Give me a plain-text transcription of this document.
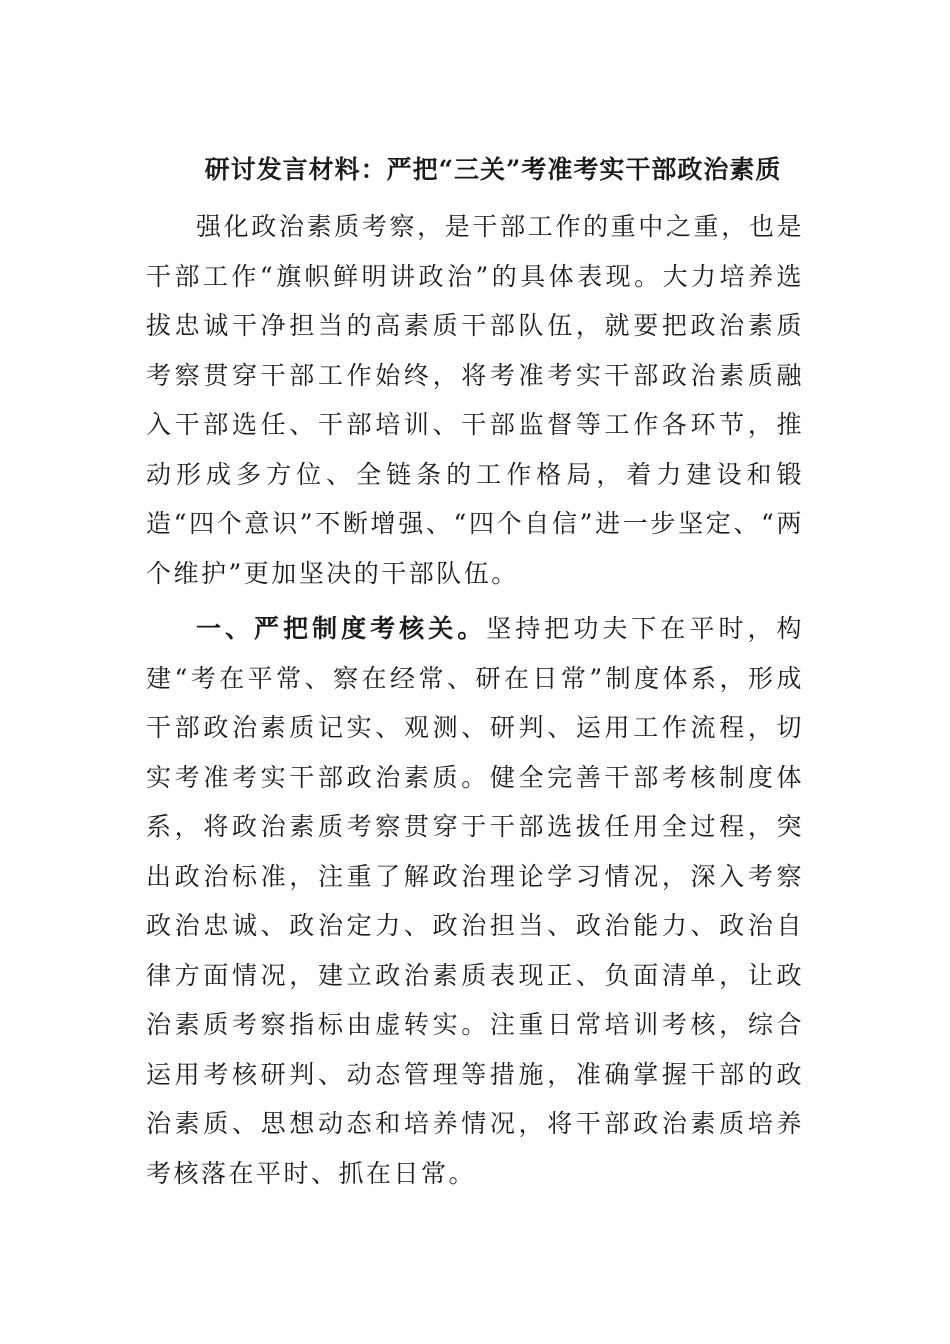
研讨发言材料：严把“三关”考准考实干部政治素质

强化政治素质考察，是干部工作的重中之重，也是干部工作“旗帜鲜明讲政治”的具体表现。大力培养选拔忠诚干净担当的高素质干部队伍，就要把政治素质考察贯穿干部工作始终，将考准考实干部政治素质融入干部选任、干部培训、干部监督等工作各环节，推动形成多方位、全链条的工作格局，着力建设和锻造“四个意识”不断增强、“四个自信”进一步坚定、“两个维护”更加坚决的干部队伍。

一、严把制度考核关。坚持把功夫下在平时，构建“考在平常、察在经常、研在日常”制度体系，形成干部政治素质记实、观测、研判、运用工作流程，切实考准考实干部政治素质。健全完善干部考核制度体系，将政治素质考察贯穿于干部选拔任用全过程，突出政治标准，注重了解政治理论学习情况，深入考察政治忠诚、政治定力、政治担当、政治能力、政治自律方面情况，建立政治素质表现正、负面清单，让政治素质考察指标由虚转实。注重日常培训考核，综合运用考核研判、动态管理等措施，准确掌握干部的政治素质、思想动态和培养情况，将干部政治素质培养考核落在平时、抓在日常。
